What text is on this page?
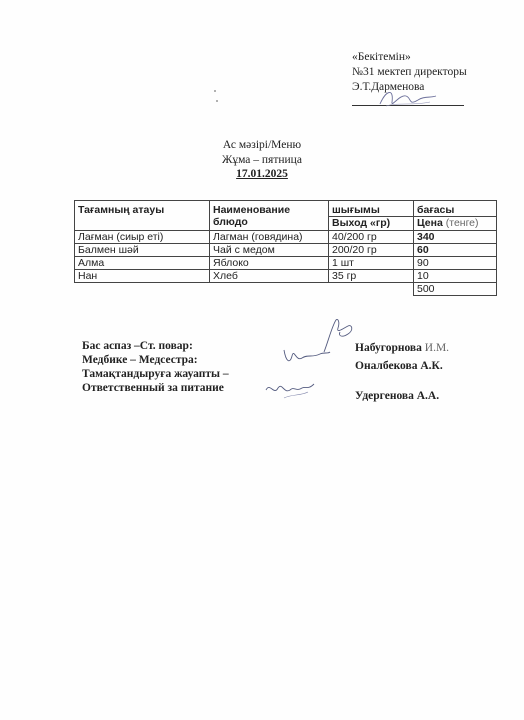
«Бекітемін»
№31 мектеп директоры
Э.Т.Дарменова
Ас мәзірі/Меню
Жұма – пятница
17.01.2025
Тағамның атауы	Наименование блюдо	шығымы	бағасы
		Выход «гр)	Цена (тенге)
Лағман (сиыр еті)	Лагман (говядина)	40/200 гр	340
Балмен шәй	Чай с медом	200/20 гр	60
Алма	Яблоко	1 шт	90
Нан	Хлеб	35 гр	10
			500
Бас аспаз –Ст. повар:
Медбике – Медсестра:
Тамақтандыруға жауапты –
Ответственный за питание
Набугорнова И.М.
Оналбекова А.К.
Удергенова А.А.
